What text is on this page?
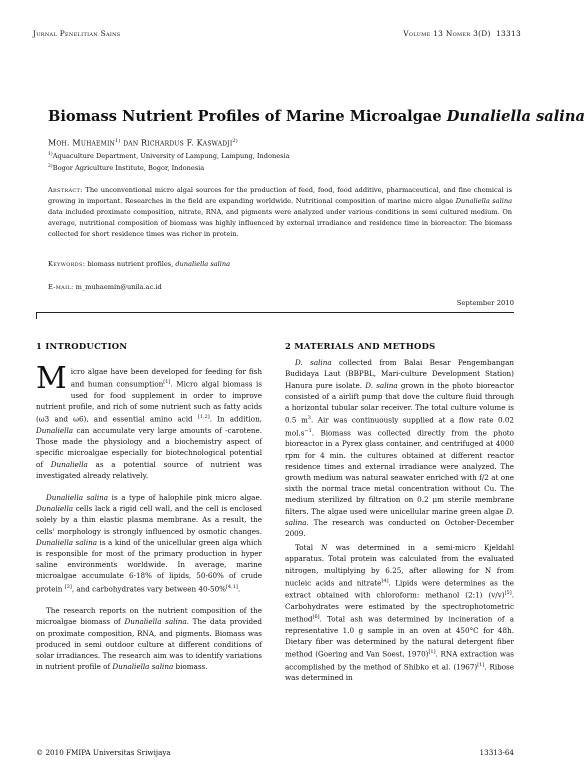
Jurnal Penelitian Sains	Volume 13 Nomer 3(D) 13313
Biomass Nutrient Profiles of Marine Microalgae Dunaliella salina
Moh. Muhaemin$^{1)}$ dan Richardus F. Kaswadji$^{2)}$
$^{1)}$Aquaculture Department, University of Lampung, Lampung, Indonesia
$^{2)}$Bogor Agriculture Institute, Bogor, Indonesia
Abstract: The unconventional micro algal sources for the production of feed, food, food additive, pharmaceutical, and fine chemical is growing in important. Researches in the field are expanding worldwide. Nutritional composition of marine micro algae Dunaliella salina data included proximate composition, nitrate, RNA, and pigments were analyzed under various conditions in semi cultured medium. On average, nutritional composition of biomass was highly influenced by external irradiance and residence time in bioreactor. The biomass collected for short residence times was richer in protein.
Keywords: biomass nutrient profiles, dunaliella salina
E-mail: m_muhaemin@unila.ac.id
September 2010
1 INTRODUCTION

Micro algae have been developed for feeding for fish and human consumption[1]. Micro algal biomass is used for food supplement in order to improve nutrient profile, and rich of some nutrient such as fatty acids (ω3 and ω6), and essential amino acid [1,2]. In addition, Dunaliella can accumulate very large amounts of -carotene. Those made the physiology and a biochemistry aspect of specific microalgae especially for biotechnological potential of Dunaliella as a potential source of nutrient was investigated already relatively.

Dunaliella salina is a type of halophile pink micro algae. Dunaliella cells lack a rigid cell wall, and the cell is enclosed solely by a thin elastic plasma membrane. As a result, the cells' morphology is strongly influenced by osmotic changes. Dunaliella salina is a kind of the unicellular green alga which is responsible for most of the primary production in hyper saline environments worldwide. In average, marine microalgae accumulate 6-18% of lipids, 50-60% of crude protein [3], and carbohydrates vary between 40-50%[4,1].

The research reports on the nutrient composition of the microalgae biomass of Dunaliella salina. The data provided on proximate composition, RNA, and pigments. Biomass was produced in semi outdoor culture at different conditions of solar irradiances. The research aim was to identify variations in nutrient profile of Dunaliella salina biomass.

2 MATERIALS AND METHODS

D. salina collected from Balai Besar Pengembangan Budidaya Laut (BBPBL, Mari-culture Development Station) Hanura pure isolate. D. salina grown in the photo bioreactor consisted of a airlift pump that dove the culture fluid through a horizontal tubular solar receiver. The total culture volume is 0.5 $m^3$. Air was continuously supplied at a flow rate 0.02 $mol.s^{-1}$. Biomass was collected directly from the photo bioreactor in a Pyrex glass container, and centrifuged at 4000 rpm for 4 min. the cultures obtained at different reactor residence times and external irradiance were analyzed. The growth medium was natural seawater enriched with f/2 at one sixth the normal trace metal concentration without Cu. The medium sterilized by filtration on 0.2 μm sterile membrane filters. The algae used were unicellular marine green algae D. salina. The research was conducted on October-December 2009.

Total N was determined in a semi-micro Kjeldahl apparatus. Total protein was calculated from the evaluated nitrogen, multiplying by 6.25, after allowing for N from nucleic acids and nitrate[4]. Lipids were determines as the extract obtained with chloroform: methanol (2:1) (v/v)[5]. Carbohydrates were estimated by the spectrophotometric method[6]. Total ash was determined by incineration of a representative 1.0 g sample in an oven at 450°C for 48h. Dietary fiber was determined by the natural detergent fiber method (Goering and Van Soest, 1970)[1]. RNA extraction was accomplished by the method of Shibko et al. (1967)[1]. Ribose was determined in

© 2010 FMIPA Universitas Sriwijaya	13313-64
